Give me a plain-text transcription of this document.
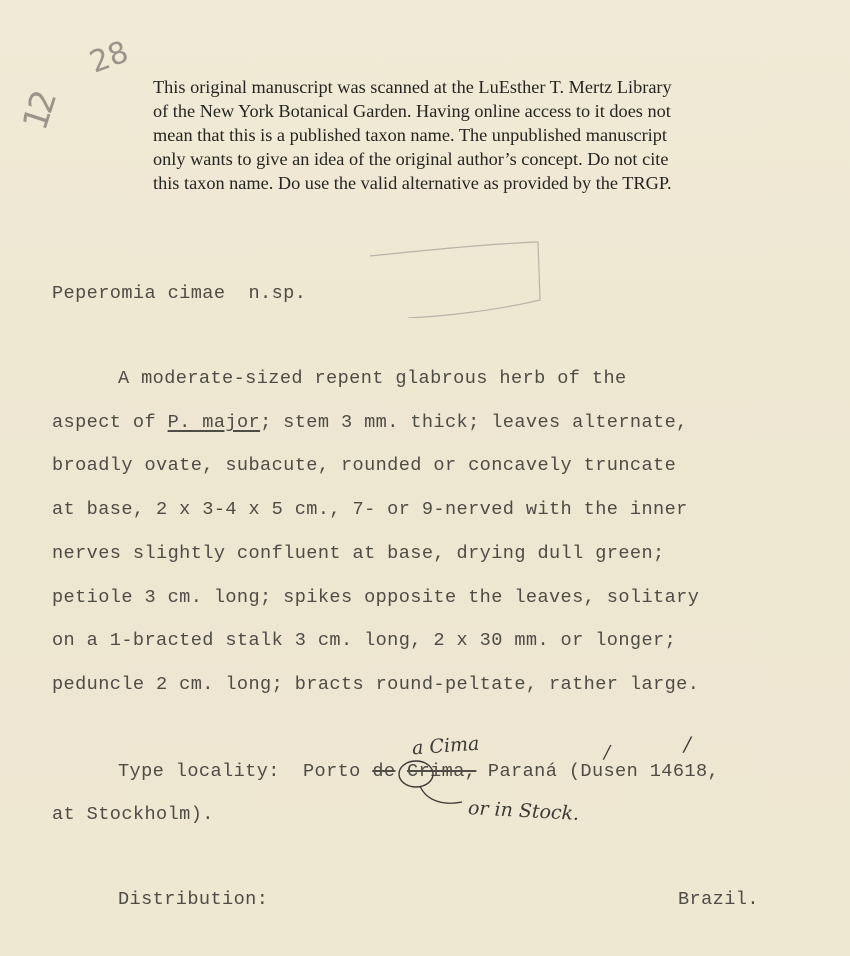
28
12

This original manuscript was scanned at the LuEsther T. Mertz Library

of the New York Botanical Garden. Having online access to it does not

mean that this is a published taxon name. The unpublished manuscript

only wants to give an idea of the original author’s concept. Do not cite

this taxon name. Do use the valid alternative as provided by the TRGP.

Peperomia cimae n.sp.

A moderate-sized repent glabrous herb of the

aspect of P. major; stem 3 mm. thick; leaves alternate,

broadly ovate, subacute, rounded or concavely truncate

at base, 2 x 3-4 x 5 cm., 7- or 9-nerved with the inner

nerves slightly confluent at base, drying dull green;

petiole 3 cm. long; spikes opposite the leaves, solitary

on a 1-bracted stalk 3 cm. long, 2 x 30 mm. or longer;

peduncle 2 cm. long; bracts round-peltate, rather large.

a Cima	/	/

Type locality: Porto de Crima, Paraná (Dusen 14618,

at Stockholm).	or in Stock.

Distribution:	Brazil.
